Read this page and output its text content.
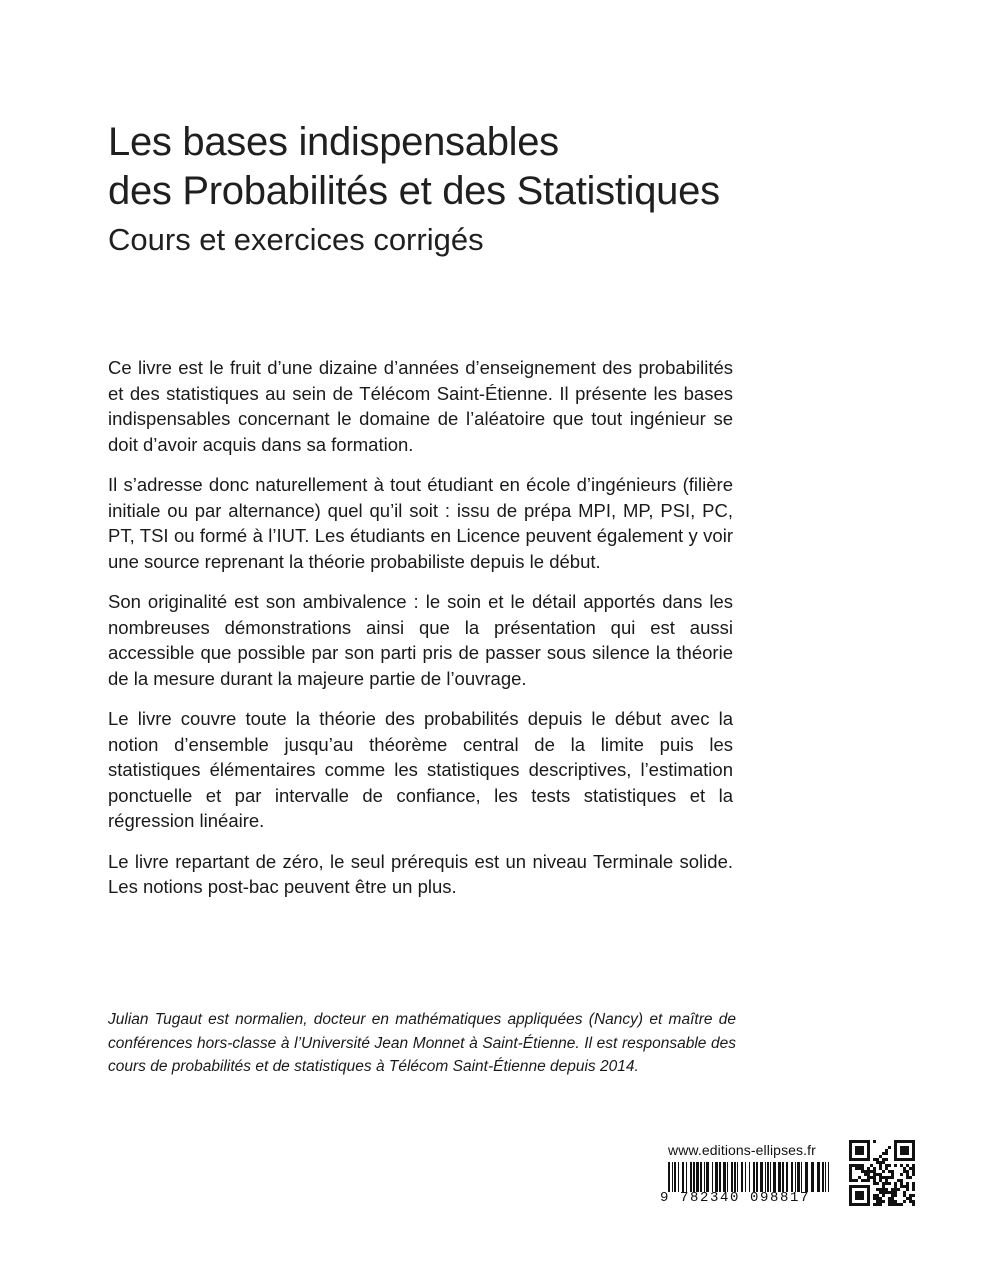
Les bases indispensables
des Probabilités et des Statistiques
Cours et exercices corrigés

Ce livre est le fruit d’une dizaine d’années d’enseignement des probabilités et des statistiques au sein de Télécom Saint-Étienne. Il présente les bases indispensables concernant le domaine de l’aléatoire que tout ingénieur se doit d’avoir acquis dans sa formation.

Il s’adresse donc naturellement à tout étudiant en école d’ingénieurs (filière initiale ou par alternance) quel qu’il soit : issu de prépa MPI, MP, PSI, PC, PT, TSI ou formé à l’IUT. Les étudiants en Licence peuvent également y voir une source reprenant la théorie probabiliste depuis le début.

Son originalité est son ambivalence : le soin et le détail apportés dans les nombreuses démonstrations ainsi que la présentation qui est aussi accessible que possible par son parti pris de passer sous silence la théorie de la mesure durant la majeure partie de l’ouvrage.

Le livre couvre toute la théorie des probabilités depuis le début avec la notion d’ensemble jusqu’au théorème central de la limite puis les statistiques élémentaires comme les statistiques descriptives, l’estimation ponctuelle et par intervalle de confiance, les tests statistiques et la régression linéaire.

Le livre repartant de zéro, le seul prérequis est un niveau Terminale solide. Les notions post-bac peuvent être un plus.

Julian Tugaut est normalien, docteur en mathématiques appliquées (Nancy) et maître de conférences hors-classe à l’Université Jean Monnet à Saint-Étienne. Il est responsable des cours de probabilités et de statistiques à Télécom Saint-Étienne depuis 2014.

www.editions-ellipses.fr
9 782340 098817
